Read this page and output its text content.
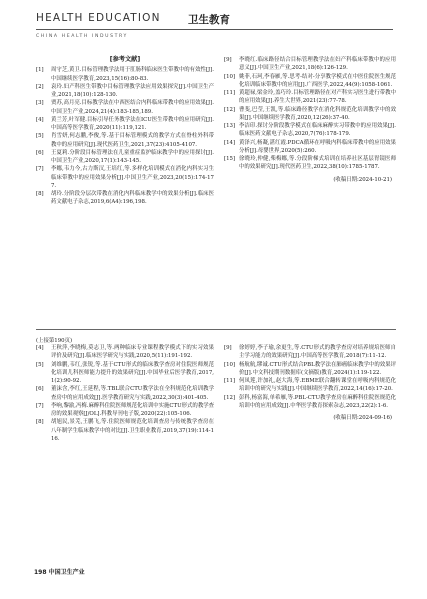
HEALTH EDUCATION	卫生教育
CHINA HEALTH INDUSTRY
[参考文献]
[1] 周守芝,黄卫.目标管理教学法用于肛肠科临床医生带教中的有效性[J].中国继续医学教育,2023,15(16):80-83.
[2] 袁玲.妇产科医生带教中目标管理教学法应用效果探究[J].中国卫生产业,2021,18(10):128-130.
[3] 贾苏,高月亮.目标教学法在中西医结合内科临床带教中的应用效果[J].中国卫生产业,2024,21(4):183-185,189.
[4] 黄兰芳,叶军健.目标引导任务教学法在ICU医生带教中的应用研究[J].中国高等医学教育,2020(11):119,121.
[5] 肖雪妍,何志鹏,李俊,等.基于目标管理模式的教学方式在脊柱外科带教中的应用研究[J].现代医药卫生,2021,37(23):4105-4107.
[6] 王夏莉.分阶段目标管理法在儿童重症监护临床教学中的应用探讨[J].中国卫生产业,2020,17(1):143-145.
[7] 李娜,韦力今,古力斯汉,王培红,等.多样化培训模式在消化内科实习生临床带教中的应用效果分析[J].中国卫生产业,2023,20(15):174-177.
[8] 胡玲.分阶段分层次带教在消化内科临床教学中的效果分析[J].临床医药文献电子杂志,2019,6(A4):196,198.
[9] 李晓红.临床路径结合目标管理教学法在妇产科临床带教中的应用意义[J].中国卫生产业,2021,18(6):126-129.
[10] 姚菲,石珂,李春雁,等.思考-结对-分享教学模式在中医住院医生规范化培训临床带教中的应用[J].广西医学,2022,44(9):1058-1061.
[11] 黄超禄,梁金玲,盖巧玲.目标管理路径在对产科实习医生进行带教中的应用效果[J].养生大世界,2021(23):77-78.
[12] 曹斐,巴莹,王凯,等.临床路径教学在消化科规范化培训教学中的效果[J].中国继续医学教育,2020,12(26):37-40.
[13] 李洁印.探讨分阶段教学模式在临床麻醉实习带教中的应用效果[J].临床医药文献电子杂志,2020,7(76):178-179.
[14] 黄泽兴,杨凝,湛红霞.PDCA循环在呼吸内科临床带教中的应用效果分析[J].母婴世界,2020(5):260.
[15] 徐晓玲,仲健,柴梅娜,等.分段阶梯式培训在培养社区基层胃镜医师中的效果研究[J].现代医药卫生,2022,38(10):1785-1787.
(收稿日期:2024-10-21)
(上接第190页)
[4] 王秋萍,李晓梅,莫志卫,等.两种临床专业课程教学模式下的实习效果评价及研究[J].临床医学研究与实践,2020,5(11):191-192.
[5] 刘维鹏,韦红,张锐,等.基于CTU形式的临床教学查房对住院医师规范化培训儿科医师能力提升的效果研究[J].中国毕业后医学教育,2017,1(2):90-92.
[6] 董沫含,李红,王延程,等.TBL联合CTU教学法在全科规范化培训教学查房中的应用成效[J].医学教育研究与实践,2022,30(3):401-405.
[7] 李响,黎渝,冯梅.麻醉科住院医师规范化培训中实施CTU形式的教学查房的效果观察[J/OL].科教导刊电子版,2020(22):105-106.
[8] 胡旭民,景芜,王鹏飞,等.住院医师规范化培训查房与传统教学查房在八年制学生临床教学中的对比[J].卫生职业教育,2019,37(19):114-116.
[9] 徐婷婷,李子瑜,余更生,等.CTU形式的教学查房对培养规培医师自主学习能力的效果研究[J].中国高等医学教育,2018(7):11-12.
[10] 杨航航,缪诚.CTU形式结合PBL教学法在肺癌临床教学中的效果评价[J].中文科技期刊数据库(文摘版)教育,2024(1):119-122.
[11] 何凤莲,许加礼,赵大海,等.EBME联合翻转课堂在呼吸内科规范化培训中的研究与实践[J].中国继续医学教育,2022,14(16):17-20.
[12] 彭科,杨富海,单希雁,等.PBL-CTU教学查房在麻醉科住院医规范化培训中的应用成效[J].中华医学教育探索杂志,2023,22(2):1-6.
(收稿日期:2024-09-16)
198 中国卫生产业
